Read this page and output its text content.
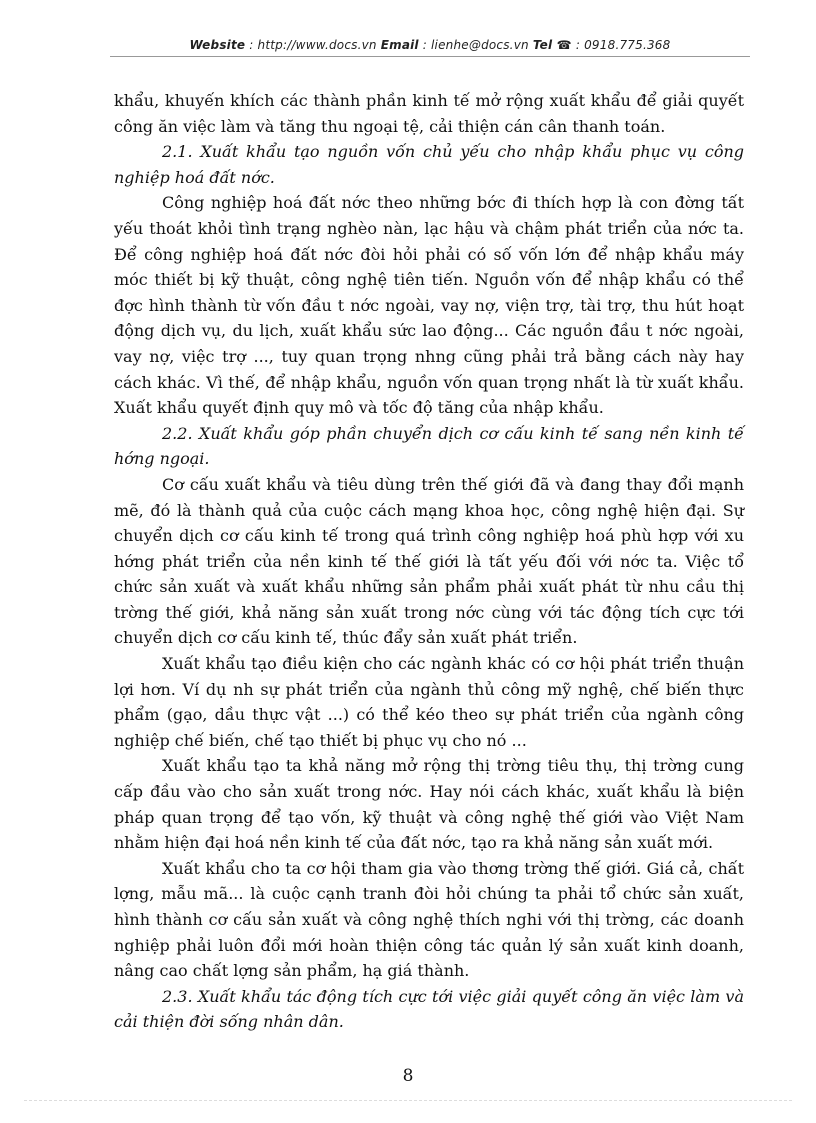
Website : http://www.docs.vn Email : lienhe@docs.vn Tel ☎ : 0918.775.368

khẩu, khuyến khích các thành phần kinh tế mở rộng xuất khẩu để giải quyết công ăn việc làm và tăng thu ngoại tệ, cải thiện cán cân thanh toán.

2.1. Xuất khẩu tạo nguồn vốn chủ yếu cho nhập khẩu phục vụ công nghiệp hoá đất nớc.

Công nghiệp hoá đất nớc theo những bớc đi thích hợp là con đờng tất yếu thoát khỏi tình trạng nghèo nàn, lạc hậu và chậm phát triển của nớc ta. Để công nghiệp hoá đất nớc đòi hỏi phải có số vốn lớn để nhập khẩu máy móc thiết bị kỹ thuật, công nghệ tiên tiến. Nguồn vốn để nhập khẩu có thể đợc hình thành từ vốn đầu t nớc ngoài, vay nợ, viện trợ, tài trợ, thu hút hoạt động dịch vụ, du lịch, xuất khẩu sức lao động... Các nguồn đầu t nớc ngoài, vay nợ, việc trợ ..., tuy quan trọng nhng cũng phải trả bằng cách này hay cách khác. Vì thế, để nhập khẩu, nguồn vốn quan trọng nhất là từ xuất khẩu. Xuất khẩu quyết định quy mô và tốc độ tăng của nhập khẩu.

2.2. Xuất khẩu góp phần chuyển dịch cơ cấu kinh tế sang nền kinh tế hớng ngoại.

Cơ cấu xuất khẩu và tiêu dùng trên thế giới đã và đang thay đổi mạnh mẽ, đó là thành quả của cuộc cách mạng khoa học, công nghệ hiện đại. Sự chuyển dịch cơ cấu kinh tế trong quá trình công nghiệp hoá phù hợp với xu hớng phát triển của nền kinh tế thế giới là tất yếu đối với nớc ta. Việc tổ chức sản xuất và xuất khẩu những sản phẩm phải xuất phát từ nhu cầu thị trờng thế giới, khả năng sản xuất trong nớc cùng với tác động tích cực tới chuyển dịch cơ cấu kinh tế, thúc đẩy sản xuất phát triển.

Xuất khẩu tạo điều kiện cho các ngành khác có cơ hội phát triển thuận lợi hơn. Ví dụ nh sự phát triển của ngành thủ công mỹ nghệ, chế biến thực phẩm (gạo, dầu thực vật ...) có thể kéo theo sự phát triển của ngành công nghiệp chế biến, chế tạo thiết bị phục vụ cho nó ...

Xuất khẩu tạo ta khả năng mở rộng thị trờng tiêu thụ, thị trờng cung cấp đầu vào cho sản xuất trong nớc. Hay nói cách khác, xuất khẩu là biện pháp quan trọng để tạo vốn, kỹ thuật và công nghệ thế giới vào Việt Nam nhằm hiện đại hoá nền kinh tế của đất nớc, tạo ra khả năng sản xuất mới.

Xuất khẩu cho ta cơ hội tham gia vào thơng trờng thế giới. Giá cả, chất lợng, mẫu mã... là cuộc cạnh tranh đòi hỏi chúng ta phải tổ chức sản xuất, hình thành cơ cấu sản xuất và công nghệ thích nghi với thị trờng, các doanh nghiệp phải luôn đổi mới hoàn thiện công tác quản lý sản xuất kinh doanh, nâng cao chất lợng sản phẩm, hạ giá thành.

2.3. Xuất khẩu tác động tích cực tới việc giải quyết công ăn việc làm và cải thiện đời sống nhân dân.

8
